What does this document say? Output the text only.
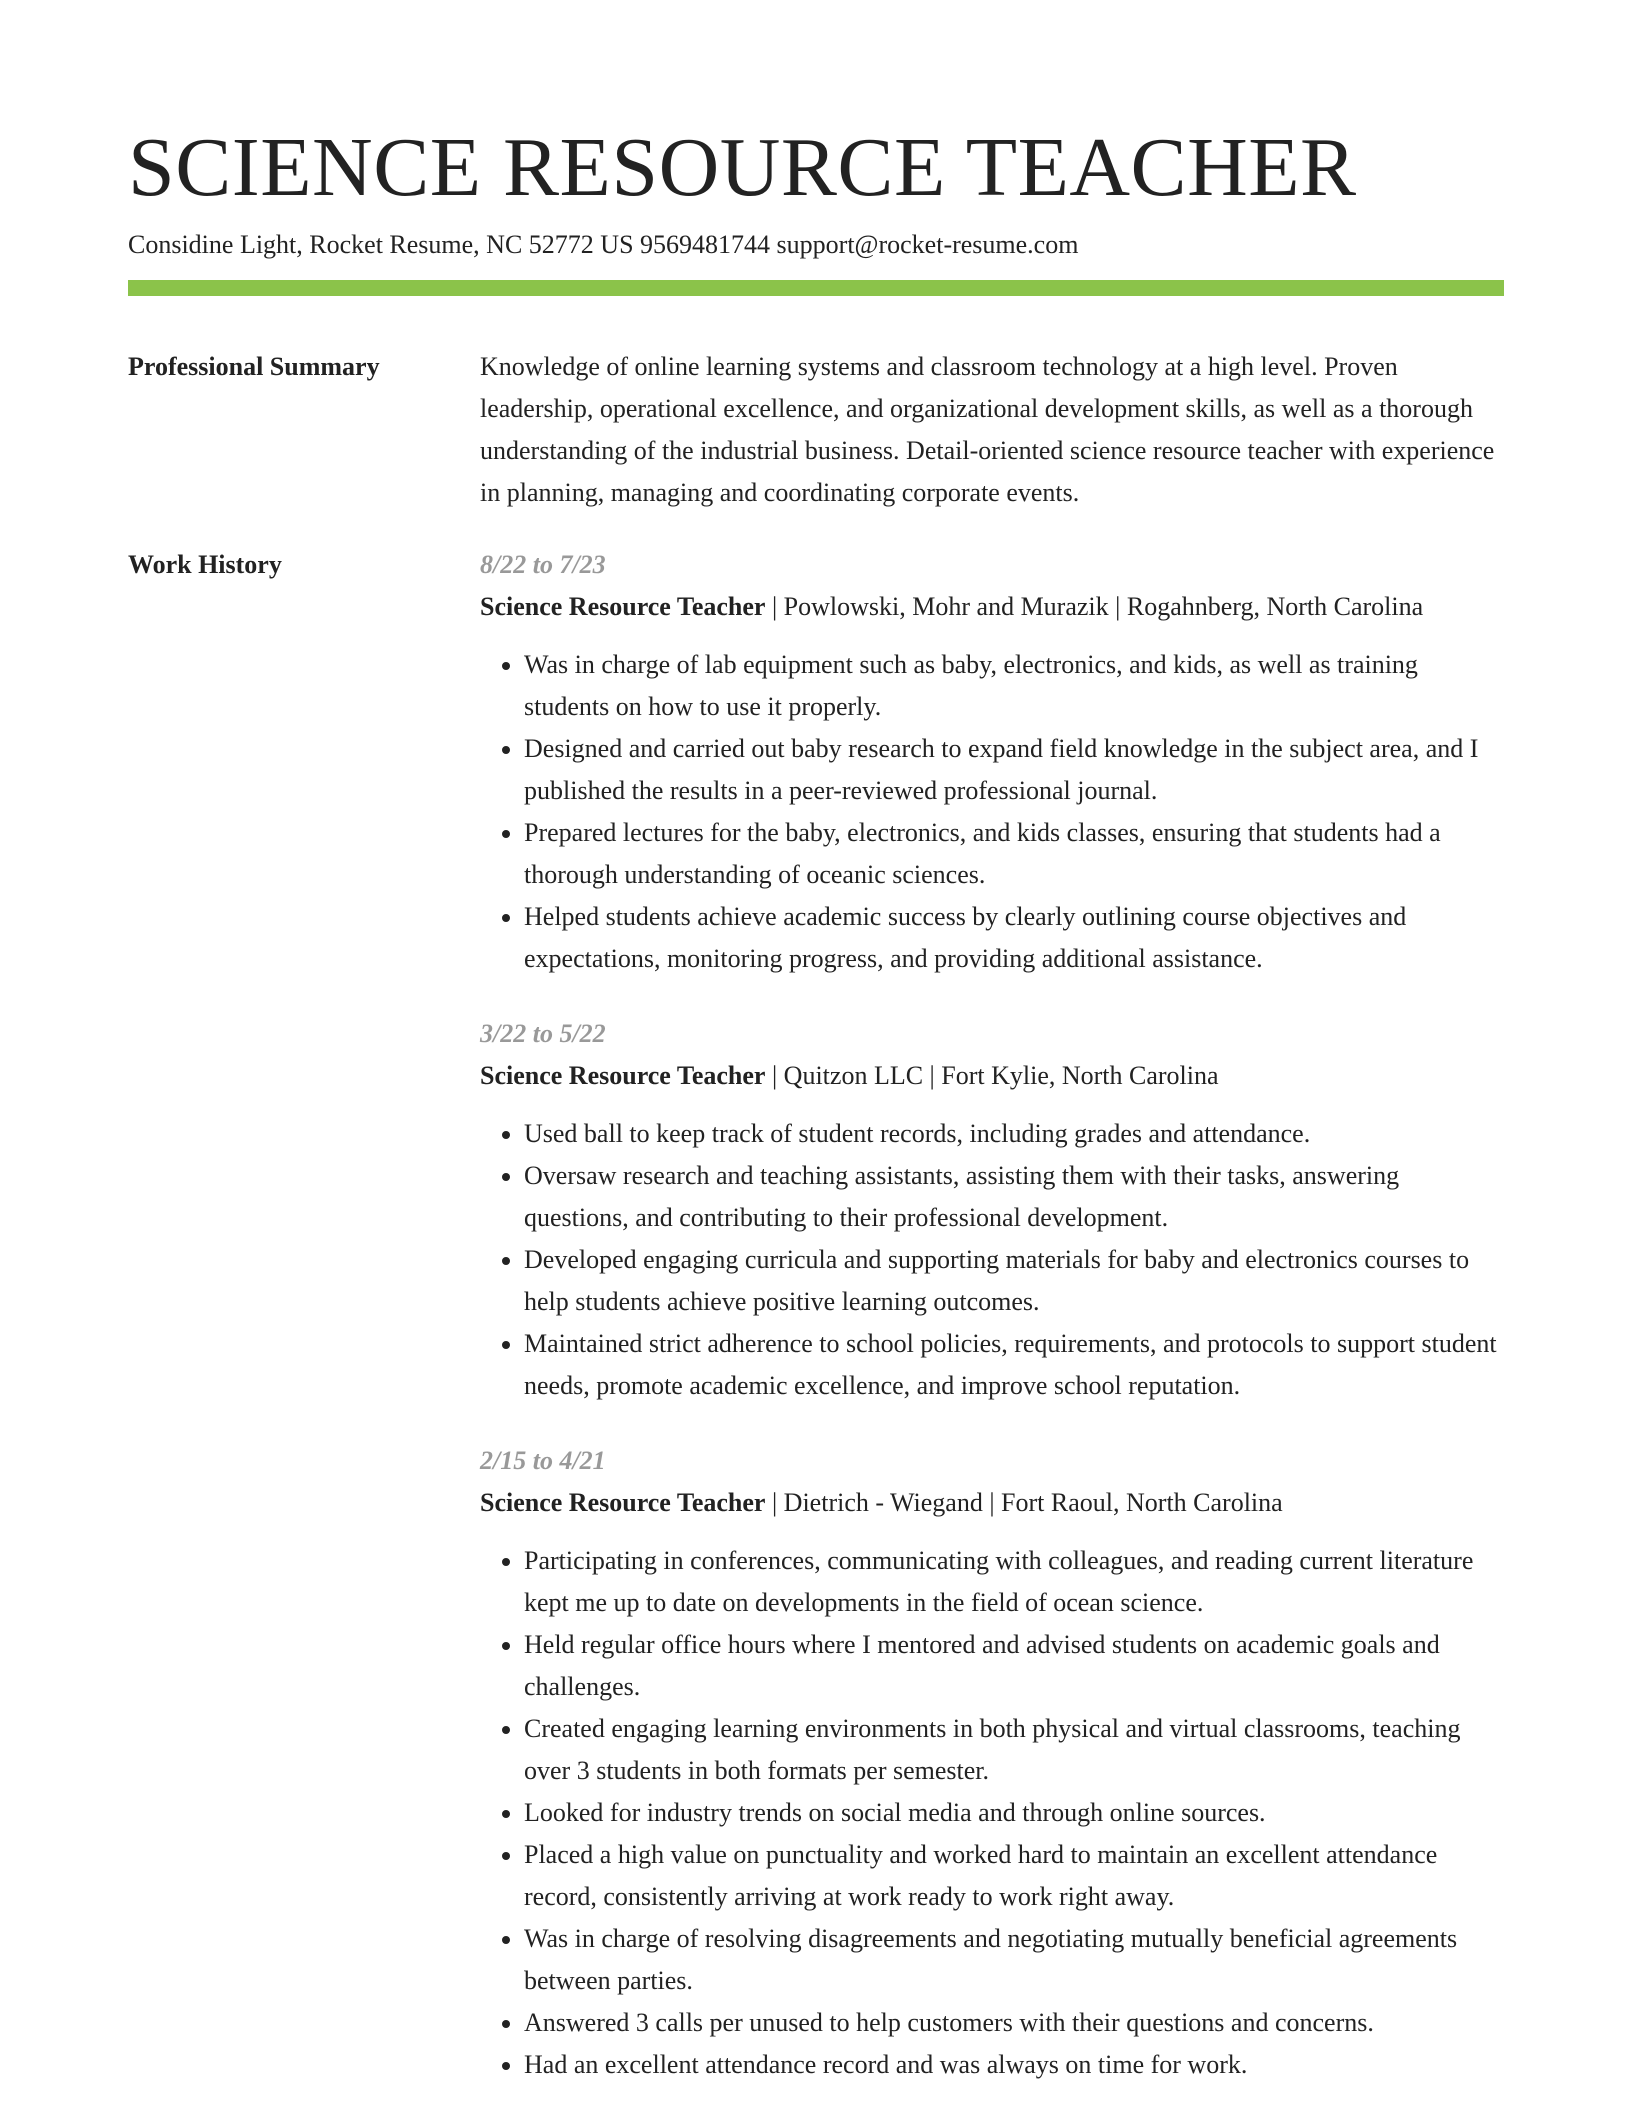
SCIENCE RESOURCE TEACHER
Considine Light, Rocket Resume, NC 52772 US 9569481744 support@rocket-resume.com
Professional Summary	Knowledge of online learning systems and classroom technology at a high level. Proven leadership, operational excellence, and organizational development skills, as well as a thorough understanding of the industrial business. Detail-oriented science resource teacher with experience in planning, managing and coordinating corporate events.
Work History	8/22 to 7/23
Science Resource Teacher | Powlowski, Mohr and Murazik | Rogahnberg, North Carolina
• Was in charge of lab equipment such as baby, electronics, and kids, as well as training students on how to use it properly.
• Designed and carried out baby research to expand field knowledge in the subject area, and I published the results in a peer-reviewed professional journal.
• Prepared lectures for the baby, electronics, and kids classes, ensuring that students had a thorough understanding of oceanic sciences.
• Helped students achieve academic success by clearly outlining course objectives and expectations, monitoring progress, and providing additional assistance.
3/22 to 5/22
Science Resource Teacher | Quitzon LLC | Fort Kylie, North Carolina
• Used ball to keep track of student records, including grades and attendance.
• Oversaw research and teaching assistants, assisting them with their tasks, answering questions, and contributing to their professional development.
• Developed engaging curricula and supporting materials for baby and electronics courses to help students achieve positive learning outcomes.
• Maintained strict adherence to school policies, requirements, and protocols to support student needs, promote academic excellence, and improve school reputation.
2/15 to 4/21
Science Resource Teacher | Dietrich - Wiegand | Fort Raoul, North Carolina
• Participating in conferences, communicating with colleagues, and reading current literature kept me up to date on developments in the field of ocean science.
• Held regular office hours where I mentored and advised students on academic goals and challenges.
• Created engaging learning environments in both physical and virtual classrooms, teaching over 3 students in both formats per semester.
• Looked for industry trends on social media and through online sources.
• Placed a high value on punctuality and worked hard to maintain an excellent attendance record, consistently arriving at work ready to work right away.
• Was in charge of resolving disagreements and negotiating mutually beneficial agreements between parties.
• Answered 3 calls per unused to help customers with their questions and concerns.
• Had an excellent attendance record and was always on time for work.
